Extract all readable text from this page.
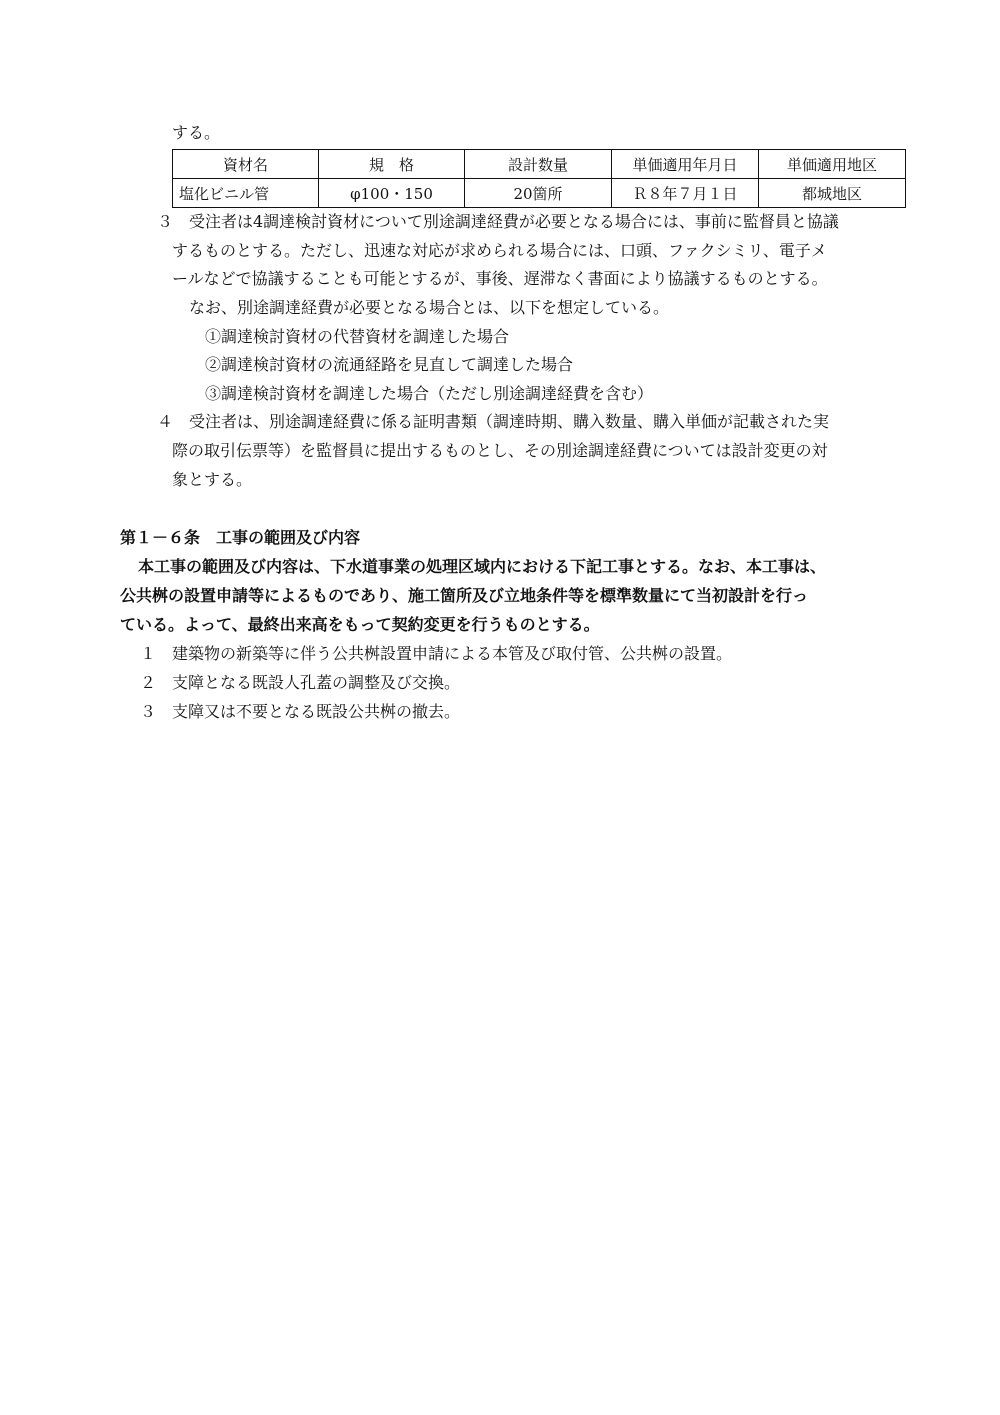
する。
資材名	規　格	設計数量	単価適用年月日	単価適用地区
塩化ビニル管	φ100・150	20箇所	Ｒ８年７月１日	都城地区
３　受注者は4調達検討資材について別途調達経費が必要となる場合には、事前に監督員と協議
するものとする。ただし、迅速な対応が求められる場合には、口頭、ファクシミリ、電子メ
ールなどで協議することも可能とするが、事後、遅滞なく書面により協議するものとする。
なお、別途調達経費が必要となる場合とは、以下を想定している。
①調達検討資材の代替資材を調達した場合
②調達検討資材の流通経路を見直して調達した場合
③調達検討資材を調達した場合（ただし別途調達経費を含む）
４　受注者は、別途調達経費に係る証明書類（調達時期、購入数量、購入単価が記載された実
際の取引伝票等）を監督員に提出するものとし、その別途調達経費については設計変更の対
象とする。
第１－６条　工事の範囲及び内容
本工事の範囲及び内容は、下水道事業の処理区域内における下記工事とする。なお、本工事は、
公共桝の設置申請等によるものであり、施工箇所及び立地条件等を標準数量にて当初設計を行っ
ている。よって、最終出来高をもって契約変更を行うものとする。
１　建築物の新築等に伴う公共桝設置申請による本管及び取付管、公共桝の設置。
２　支障となる既設人孔蓋の調整及び交換。
３　支障又は不要となる既設公共桝の撤去。
